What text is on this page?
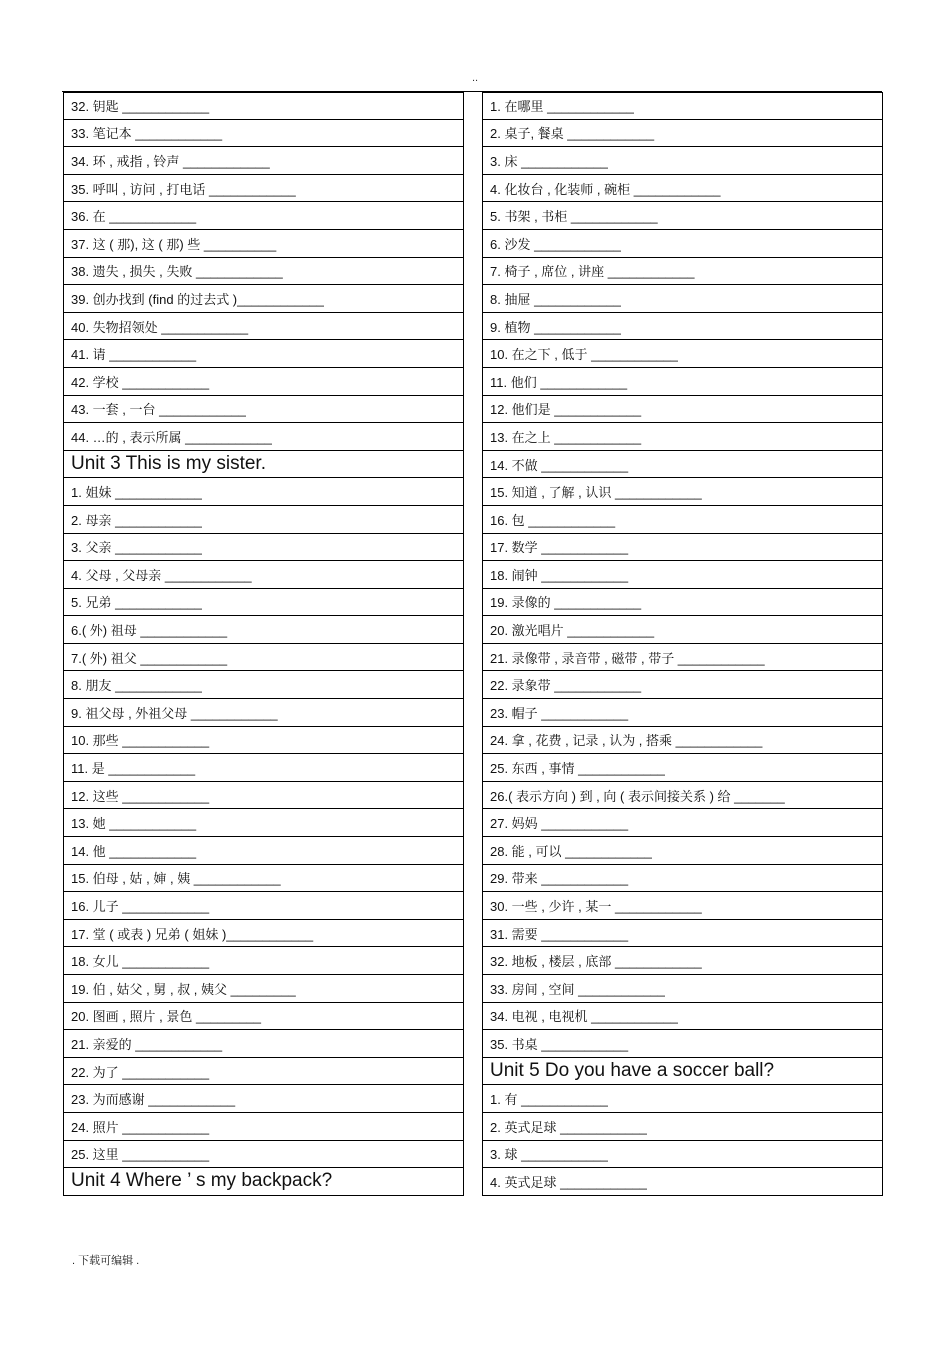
..
32. 钥匙 ____________
33. 笔记本 ____________
34. 环 , 戒指 , 铃声 ____________
35. 呼叫 , 访问 , 打电话 ____________
36. 在 ____________
37. 这 ( 那), 这 ( 那) 些 __________
38. 遗失 , 损失 , 失败 ____________
39. 创办找到 (find 的过去式 )____________
40. 失物招领处 ____________
41. 请 ____________
42. 学校 ____________
43. 一套 , 一台 ____________
44. …的 , 表示所属 ____________
Unit 3 This is my sister.
1. 姐妹 ____________
2. 母亲 ____________
3. 父亲 ____________
4. 父母 , 父母亲 ____________
5. 兄弟 ____________
6.( 外) 祖母 ____________
7.( 外) 祖父 ____________
8. 朋友 ____________
9. 祖父母 , 外祖父母 ____________
10. 那些 ____________
11. 是 ____________
12. 这些 ____________
13. 她 ____________
14. 他 ____________
15. 伯母 , 姑 , 婶 , 姨 ____________
16. 儿子 ____________
17. 堂 ( 或表 ) 兄弟 ( 姐妹 )____________
18. 女儿 ____________
19. 伯 , 姑父 , 舅 , 叔 , 姨父 _________
20. 图画 , 照片 , 景色 _________
21. 亲爱的 ____________
22. 为了 ____________
23. 为而感谢 ____________
24. 照片 ____________
25. 这里 ____________
Unit 4 Where ’ s my backpack?
1. 在哪里 ____________
2. 桌子, 餐桌 ____________
3. 床 ____________
4. 化妆台 , 化装师 , 碗柜 ____________
5. 书架 , 书柜 ____________
6. 沙发 ____________
7. 椅子 , 席位 , 讲座 ____________
8. 抽屉 ____________
9. 植物 ____________
10. 在之下 , 低于 ____________
11. 他们 ____________
12. 他们是 ____________
13. 在之上 ____________
14. 不做 ____________
15. 知道 , 了解 , 认识 ____________
16. 包 ____________
17. 数学 ____________
18. 闹钟 ____________
19. 录像的 ____________
20. 激光唱片 ____________
21. 录像带 , 录音带 , 磁带 , 带子 ____________
22. 录象带 ____________
23. 帽子 ____________
24. 拿 , 花费 , 记录 , 认为 , 搭乘 ____________
25. 东西 , 事情 ____________
26.( 表示方向 ) 到 , 向 ( 表示间接关系 ) 给 _______
27. 妈妈 ____________
28. 能 , 可以 ____________
29. 带来 ____________
30. 一些 , 少许 , 某一 ____________
31. 需要 ____________
32. 地板 , 楼层 , 底部 ____________
33. 房间 , 空间 ____________
34. 电视 , 电视机 ____________
35. 书桌 ____________
Unit 5 Do you have a soccer ball?
1. 有 ____________
2. 英式足球 ____________
3. 球 ____________
4. 英式足球 ____________
. 下载可编辑 .
